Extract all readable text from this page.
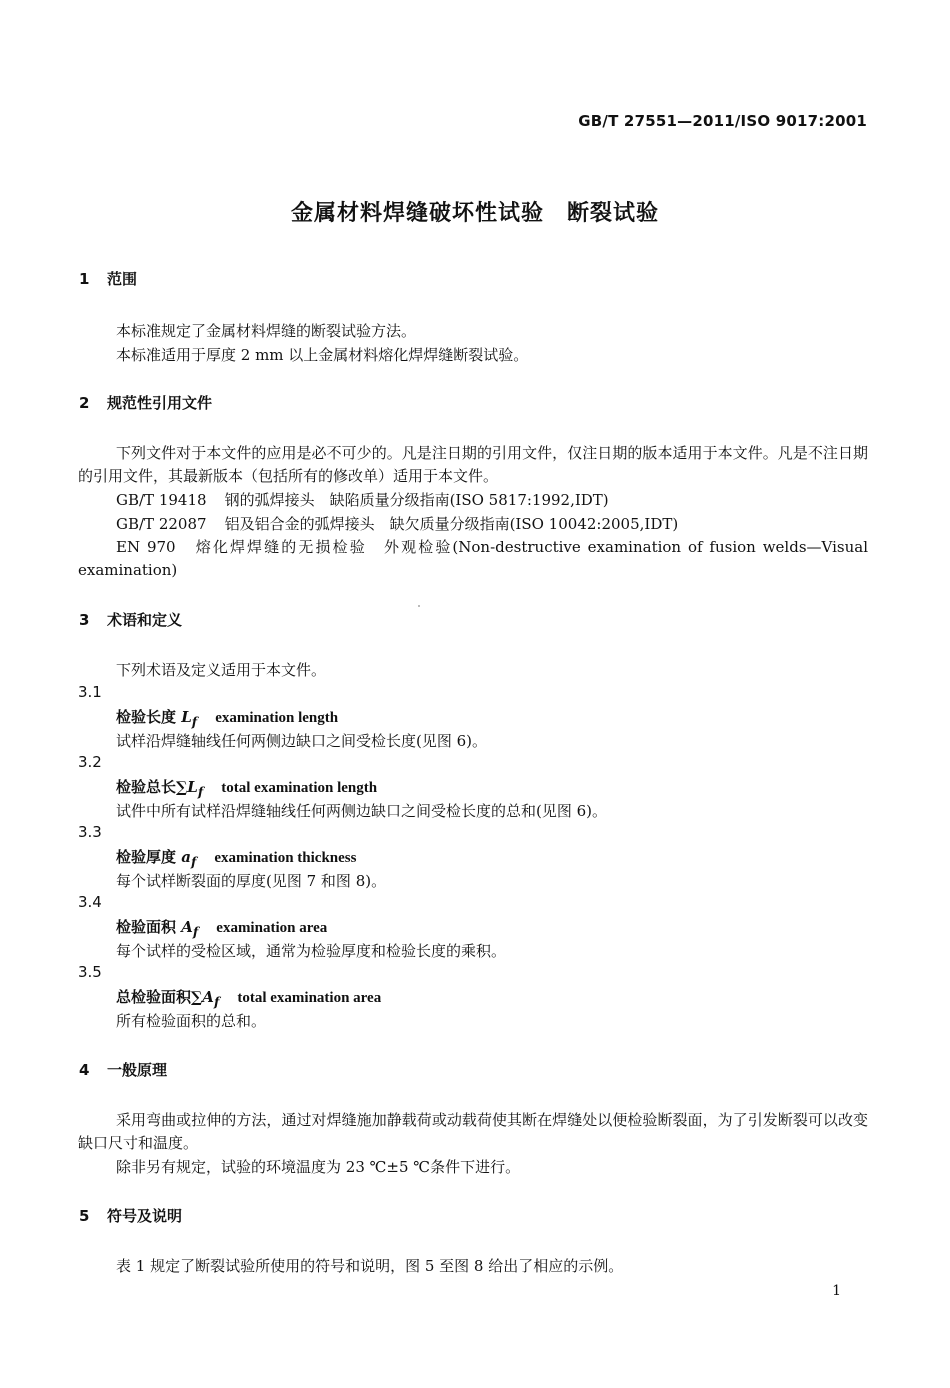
GB/T 27551—2011/ISO 9017:2001
金属材料焊缝破坏性试验　断裂试验
1 范围
本标准规定了金属材料焊缝的断裂试验方法。
本标准适用于厚度 2 mm 以上金属材料熔化焊焊缝断裂试验。
2 规范性引用文件
下列文件对于本文件的应用是必不可少的。凡是注日期的引用文件，仅注日期的版本适用于本文件。凡是不注日期的引用文件，其最新版本（包括所有的修改单）适用于本文件。
GB/T 19418 钢的弧焊接头　缺陷质量分级指南(ISO 5817:1992,IDT)
GB/T 22087 铝及铝合金的弧焊接头　缺欠质量分级指南(ISO 10042:2005,IDT)
EN 970 熔化焊焊缝的无损检验　外观检验(Non-destructive examination of fusion welds—Visual examination)
3 术语和定义
下列术语及定义适用于本文件。
3.1
检验长度 $L_f$ examination length
试样沿焊缝轴线任何两侧边缺口之间受检长度(见图 6)。
3.2
检验总长$\sum L_f$ total examination length
试件中所有试样沿焊缝轴线任何两侧边缺口之间受检长度的总和(见图 6)。
3.3
检验厚度 $a_f$ examination thickness
每个试样断裂面的厚度(见图 7 和图 8)。
3.4
检验面积 $A_f$ examination area
每个试样的受检区域，通常为检验厚度和检验长度的乘积。
3.5
总检验面积$\sum A_f$ total examination area
所有检验面积的总和。
4 一般原理
采用弯曲或拉伸的方法，通过对焊缝施加静载荷或动载荷使其断在焊缝处以便检验断裂面，为了引发断裂可以改变缺口尺寸和温度。
除非另有规定，试验的环境温度为 23 ℃±5 ℃条件下进行。
5 符号及说明
表 1 规定了断裂试验所使用的符号和说明，图 5 至图 8 给出了相应的示例。
1
